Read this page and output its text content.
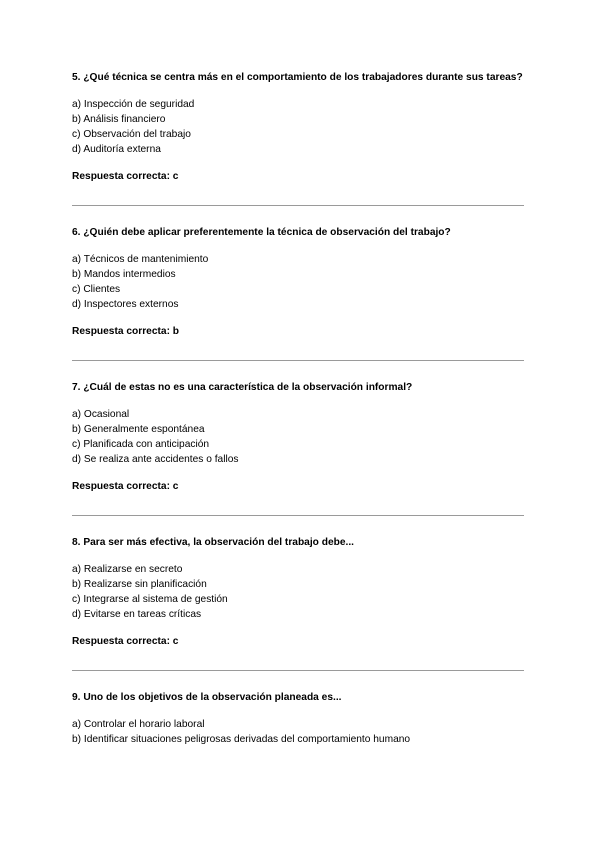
5. ¿Qué técnica se centra más en el comportamiento de los trabajadores durante sus tareas?

a) Inspección de seguridad
b) Análisis financiero
c) Observación del trabajo
d) Auditoría externa
Respuesta correcta: c

6. ¿Quién debe aplicar preferentemente la técnica de observación del trabajo?

a) Técnicos de mantenimiento
b) Mandos intermedios
c) Clientes
d) Inspectores externos
Respuesta correcta: b

7. ¿Cuál de estas no es una característica de la observación informal?

a) Ocasional
b) Generalmente espontánea
c) Planificada con anticipación
d) Se realiza ante accidentes o fallos
Respuesta correcta: c

8. Para ser más efectiva, la observación del trabajo debe...

a) Realizarse en secreto
b) Realizarse sin planificación
c) Integrarse al sistema de gestión
d) Evitarse en tareas críticas
Respuesta correcta: c

9. Uno de los objetivos de la observación planeada es...

a) Controlar el horario laboral
b) Identificar situaciones peligrosas derivadas del comportamiento humano
